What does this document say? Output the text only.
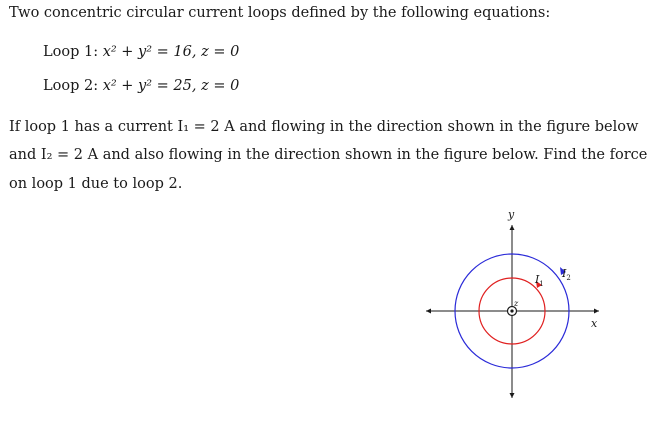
Two concentric circular current loops defined by the following equations:
Loop 1: x² + y² = 16, z = 0
Loop 2: x² + y² = 25, z = 0
If loop 1 has a current I₁ = 2 A and flowing in the direction shown in the figure below
and I₂ = 2 A and also flowing in the direction shown in the figure below. Find the force
on loop 1 due to loop 2.
y
x
z
$I_1$
$I_2$
